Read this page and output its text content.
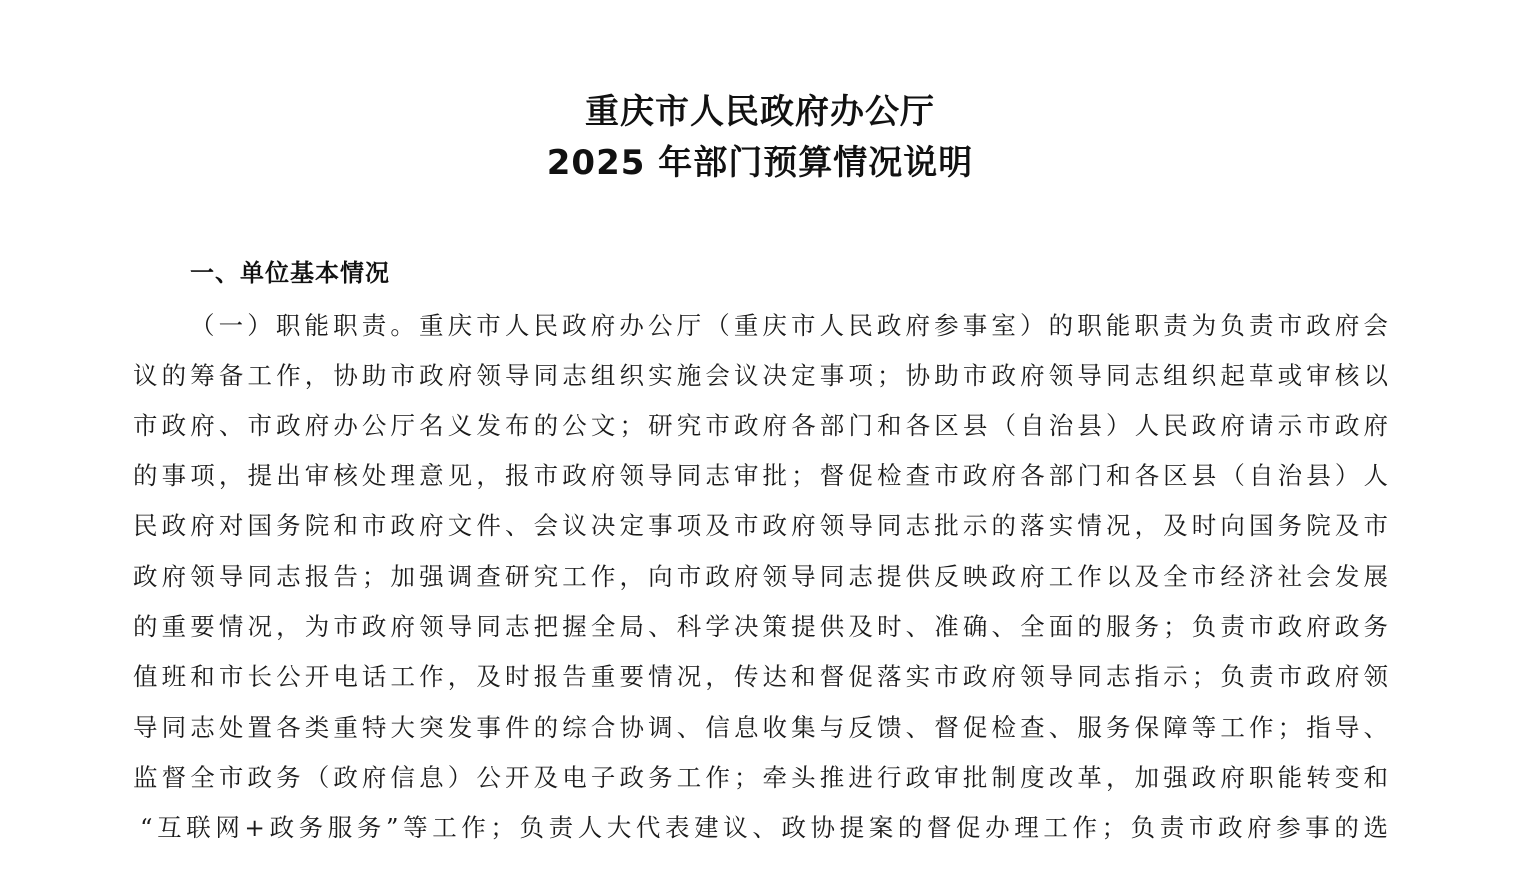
重庆市人民政府办公厅
2025 年部门预算情况说明
一、单位基本情况
（一）职能职责。重庆市人民政府办公厅（重庆市人民政府参事室）的职能职责为负责市政府会
议的筹备工作，协助市政府领导同志组织实施会议决定事项；协助市政府领导同志组织起草或审核以
市政府、市政府办公厅名义发布的公文；研究市政府各部门和各区县（自治县）人民政府请示市政府
的事项，提出审核处理意见，报市政府领导同志审批；督促检查市政府各部门和各区县（自治县）人
民政府对国务院和市政府文件、会议决定事项及市政府领导同志批示的落实情况，及时向国务院及市
政府领导同志报告；加强调查研究工作，向市政府领导同志提供反映政府工作以及全市经济社会发展
的重要情况，为市政府领导同志把握全局、科学决策提供及时、准确、全面的服务；负责市政府政务
值班和市长公开电话工作，及时报告重要情况，传达和督促落实市政府领导同志指示；负责市政府领
导同志处置各类重特大突发事件的综合协调、信息收集与反馈、督促检查、服务保障等工作；指导、
监督全市政务（政府信息）公开及电子政务工作；牵头推进行政审批制度改革，加强政府职能转变和
“互联网+政务服务”等工作；负责人大代表建议、政协提案的督促办理工作；负责市政府参事的选
